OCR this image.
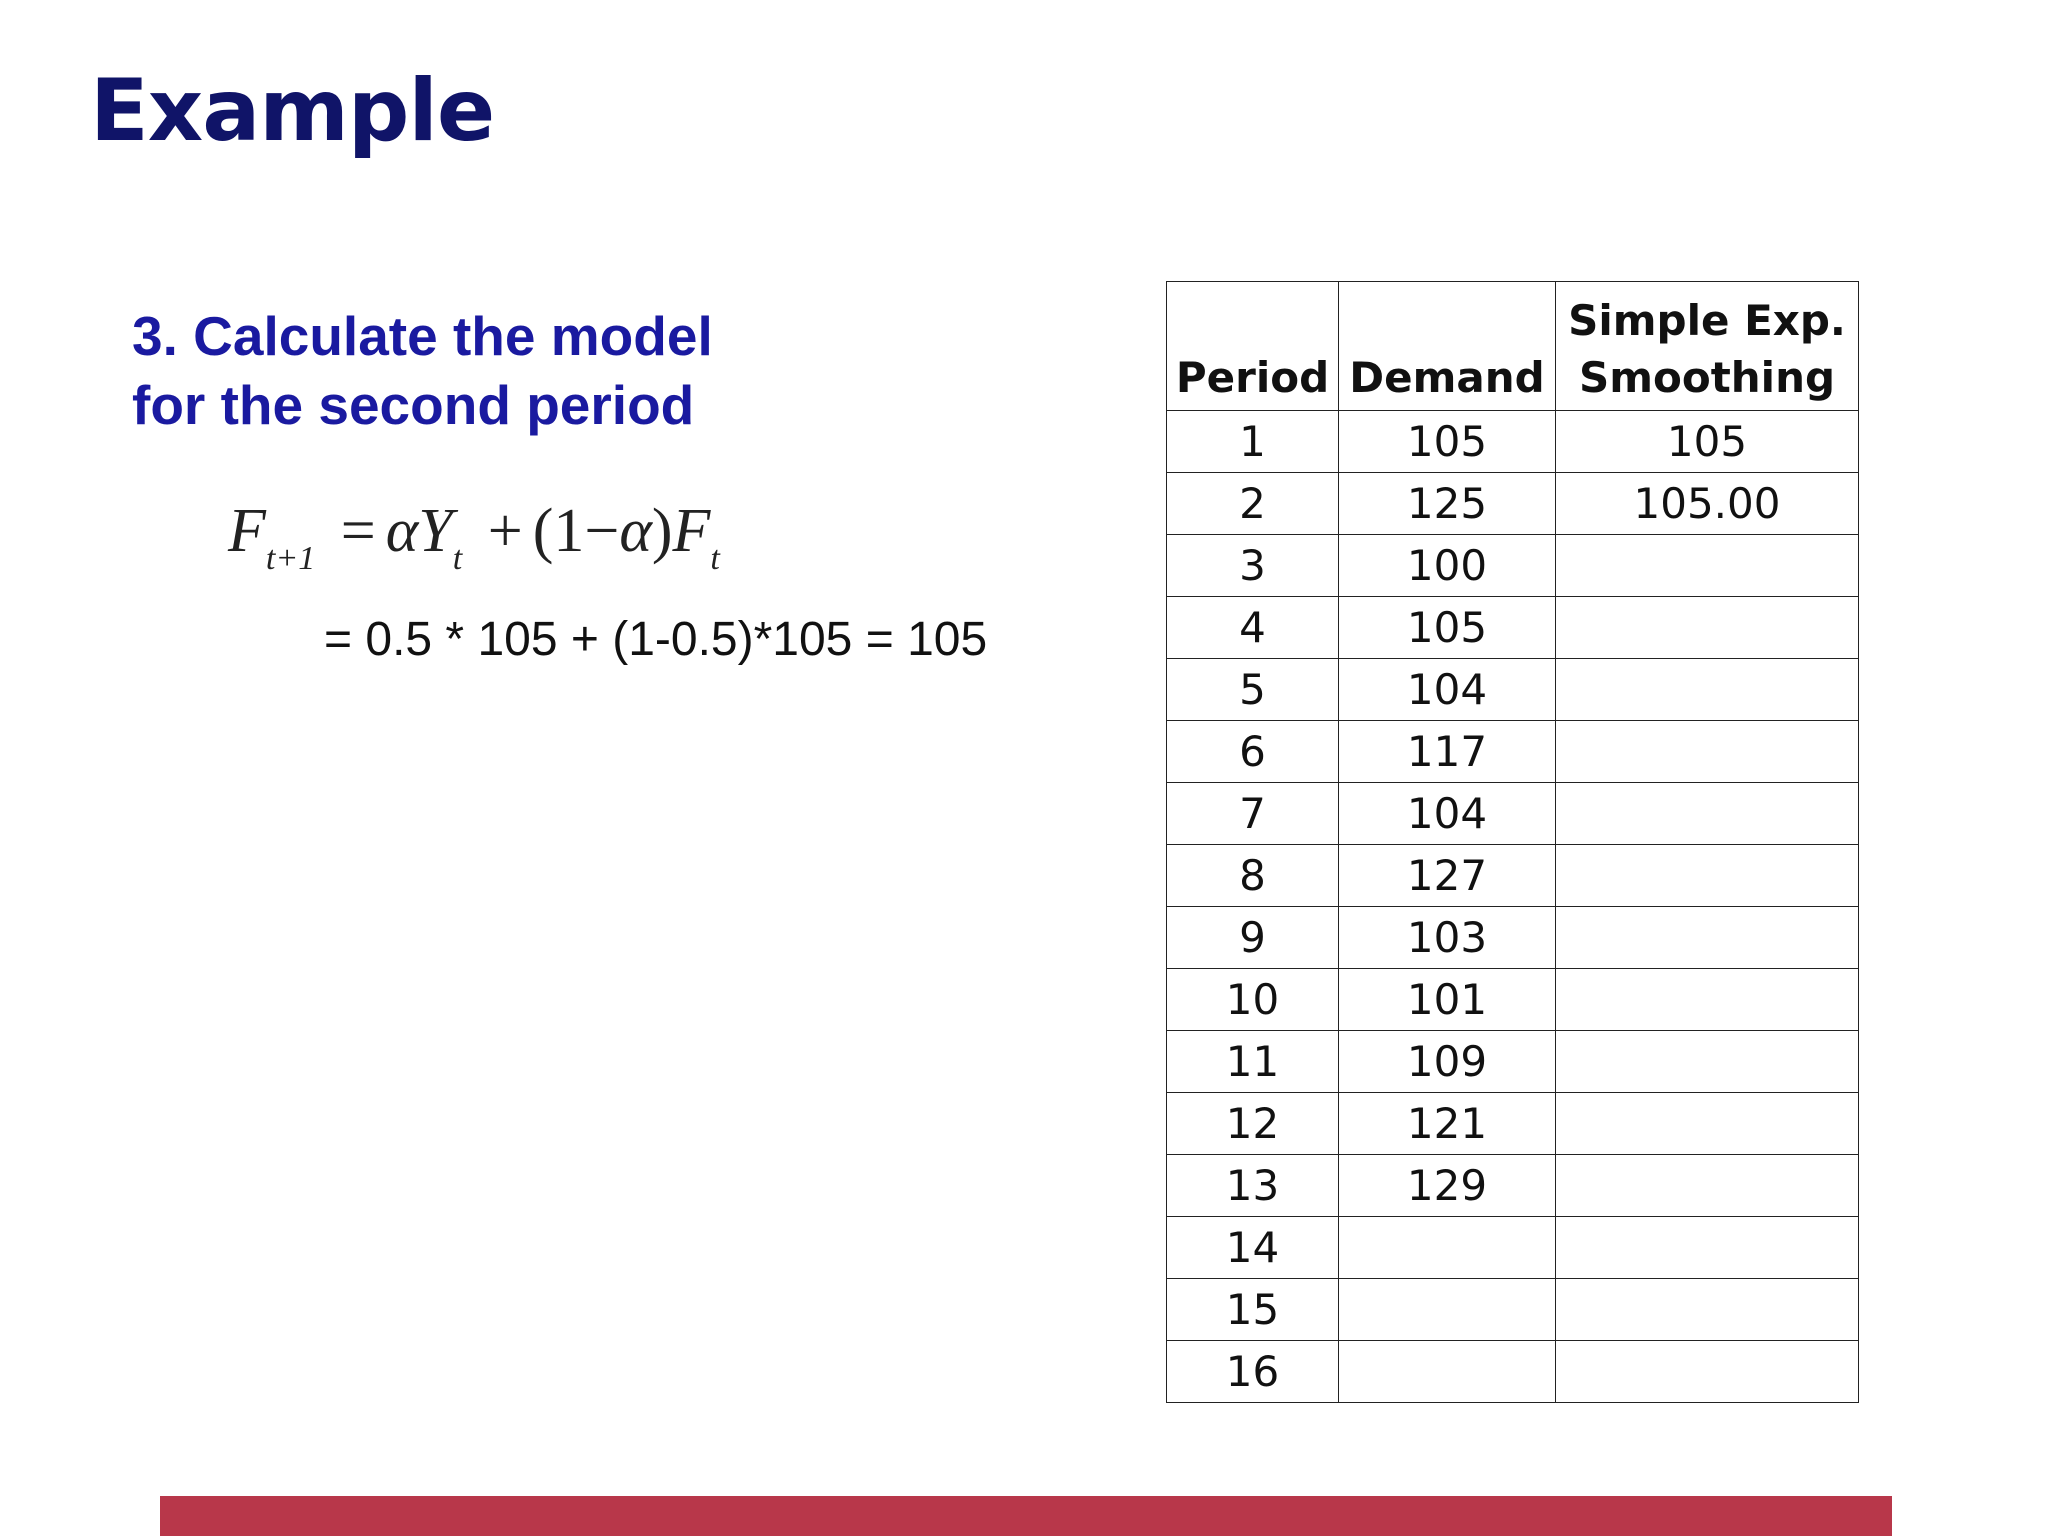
Example
3. Calculate the model
for the second period
$F_{t+1} = \alpha Y_t + (1-\alpha)F_t$
= 0.5 * 105 + (1-0.5)*105 = 105
Period	Demand	Simple Exp.
Smoothing
1	105	105
2	125	105.00
3	100	
4	105	
5	104	
6	117	
7	104	
8	127	
9	103	
10	101	
11	109	
12	121	
13	129	
14		
15		
16		
